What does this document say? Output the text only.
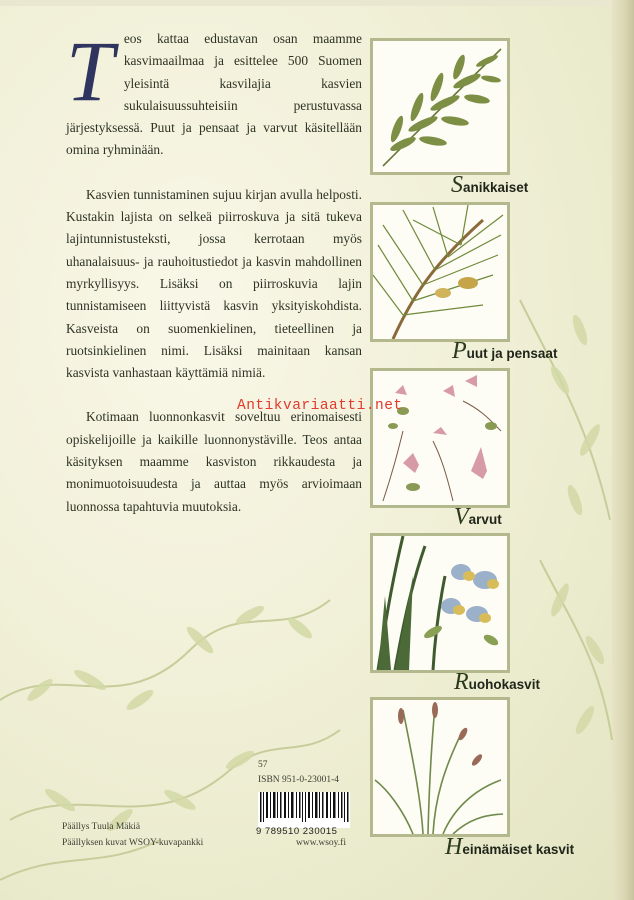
Teos kattaa edustavan osan maamme kasvimaailmaa ja esittelee 500 Suomen yleisintä kasvilajia kasvien sukulaisuussuhteisiin perustuvassa järjestyksessä. Puut ja pensaat ja varvut käsitellään omina ryhminään.

Kasvien tunnistaminen sujuu kirjan avulla helposti. Kustakin lajista on selkeä piirroskuva ja sitä tukeva lajintunnistusteksti, jossa kerrotaan myös uhanalaisuus- ja rauhoitustiedot ja kasvin mahdollinen myrkyllisyys. Lisäksi on piirroskuvia lajin tunnistamiseen liittyvistä kasvin yksityiskohdista. Kasveista on suomenkielinen, tieteellinen ja ruotsinkielinen nimi. Lisäksi mainitaan kansan kasvista vanhastaan käyttämiä nimiä.

Kotimaan luonnonkasvit soveltuu erinomaisesti opiskelijoille ja kaikille luonnonystäville. Teos antaa käsityksen maamme kasviston rikkaudesta ja monimuotoisuudesta ja auttaa myös arvioimaan luonnossa tapahtuvia muutoksia.

Sanikkaiset
Puut ja pensaat
Varvut
Ruohokasvit
Heinämäiset kasvit
Antikvariaatti.net
57
ISBN 951-0-23001-4
9 789510 230015
www.wsoy.fi
Päällys Tuula Mäkiä
Päällyksen kuvat WSOY-kuvapankki
